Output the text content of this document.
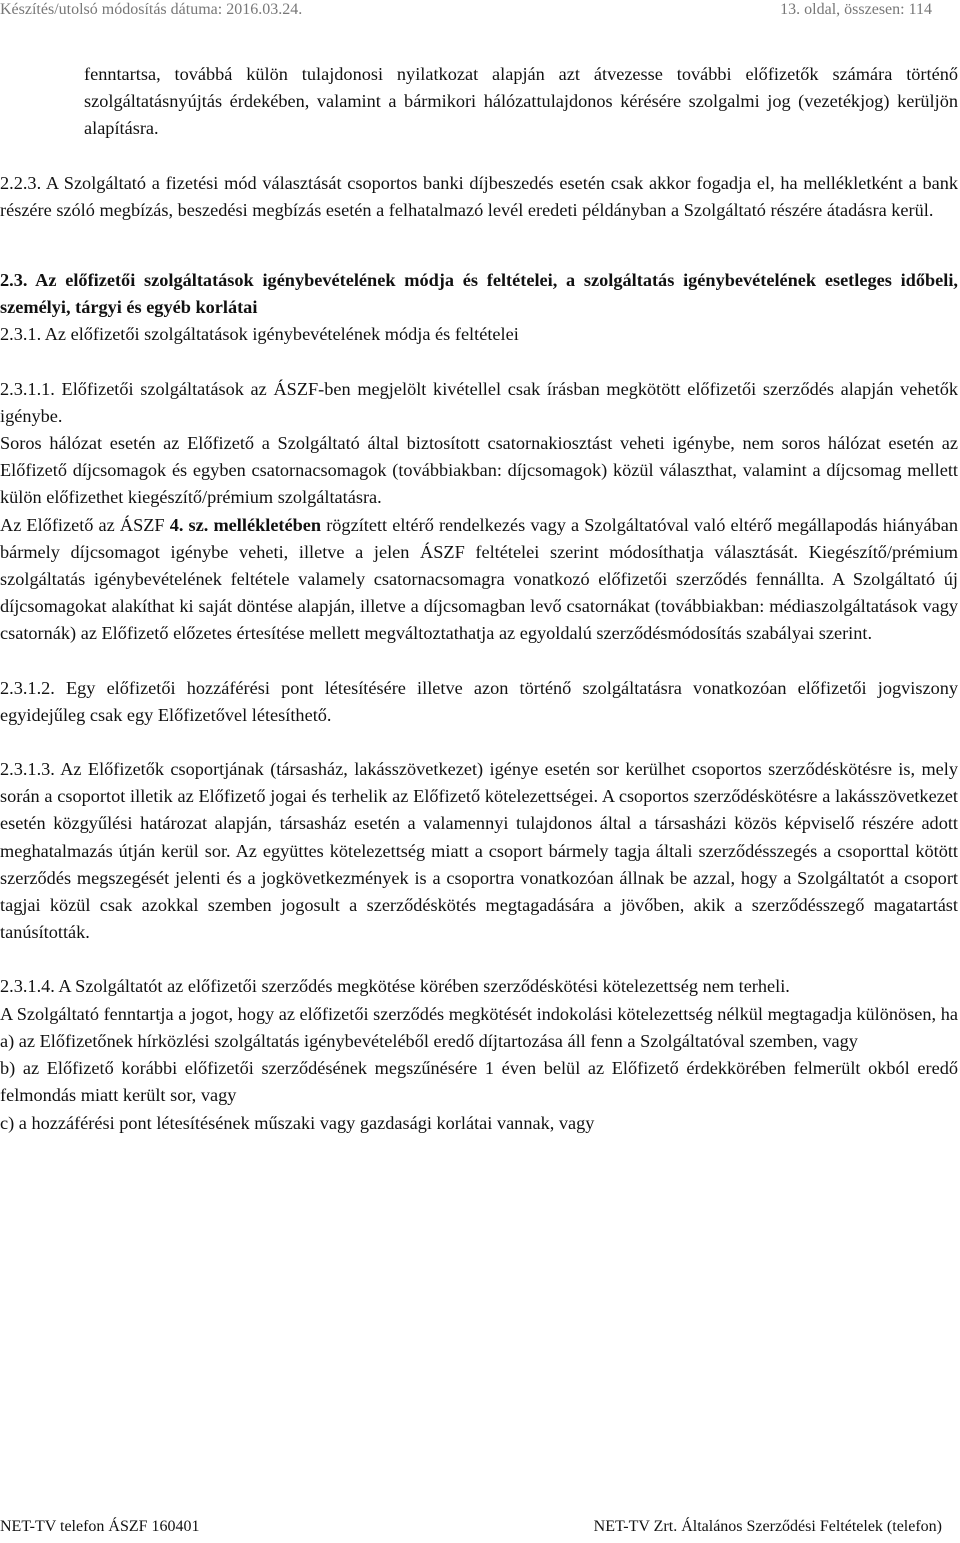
Készítés/utolsó módosítás dátuma: 2016.03.24.	13. oldal, összesen: 114

fenntartsa, továbbá külön tulajdonosi nyilatkozat alapján azt átvezesse további előfizetők számára történő szolgáltatásnyújtás érdekében, valamint a bármikori hálózattulajdonos kérésére szolgalmi jog (vezetékjog) kerüljön alapításra.

2.2.3. A Szolgáltató a fizetési mód választását csoportos banki díjbeszedés esetén csak akkor fogadja el, ha mellékletként a bank részére szóló megbízás, beszedési megbízás esetén a felhatalmazó levél eredeti példányban a Szolgáltató részére átadásra kerül.

2.3. Az előfizetői szolgáltatások igénybevételének módja és feltételei, a szolgáltatás igénybevételének esetleges időbeli, személyi, tárgyi és egyéb korlátai

2.3.1. Az előfizetői szolgáltatások igénybevételének módja és feltételei

2.3.1.1. Előfizetői szolgáltatások az ÁSZF-ben megjelölt kivétellel csak írásban megkötött előfizetői szerződés alapján vehetők igénybe.

Soros hálózat esetén az Előfizető a Szolgáltató által biztosított csatornakiosztást veheti igénybe, nem soros hálózat esetén az Előfizető díjcsomagok és egyben csatornacsomagok (továbbiakban: díjcsomagok) közül választhat, valamint a díjcsomag mellett külön előfizethet kiegészítő/prémium szolgáltatásra.

Az Előfizető az ÁSZF 4. sz. mellékletében rögzített eltérő rendelkezés vagy a Szolgáltatóval való eltérő megállapodás hiányában bármely díjcsomagot igénybe veheti, illetve a jelen ÁSZF feltételei szerint módosíthatja választását. Kiegészítő/prémium szolgáltatás igénybevételének feltétele valamely csatornacsomagra vonatkozó előfizetői szerződés fennállta. A Szolgáltató új díjcsomagokat alakíthat ki saját döntése alapján, illetve a díjcsomagban levő csatornákat (továbbiakban: médiaszolgáltatások vagy csatornák) az Előfizető előzetes értesítése mellett megváltoztathatja az egyoldalú szerződésmódosítás szabályai szerint.

2.3.1.2. Egy előfizetői hozzáférési pont létesítésére illetve azon történő szolgáltatásra vonatkozóan előfizetői jogviszony egyidejűleg csak egy Előfizetővel létesíthető.

2.3.1.3. Az Előfizetők csoportjának (társasház, lakásszövetkezet) igénye esetén sor kerülhet csoportos szerződéskötésre is, mely során a csoportot illetik az Előfizető jogai és terhelik az Előfizető kötelezettségei. A csoportos szerződéskötésre a lakásszövetkezet esetén közgyűlési határozat alapján, társasház esetén a valamennyi tulajdonos által a társasházi közös képviselő részére adott meghatalmazás útján kerül sor. Az együttes kötelezettség miatt a csoport bármely tagja általi szerződésszegés a csoporttal kötött szerződés megszegését jelenti és a jogkövetkezmények is a csoportra vonatkozóan állnak be azzal, hogy a Szolgáltatót a csoport tagjai közül csak azokkal szemben jogosult a szerződéskötés megtagadására a jövőben, akik a szerződésszegő magatartást tanúsították.

2.3.1.4. A Szolgáltatót az előfizetői szerződés megkötése körében szerződéskötési kötelezettség nem terheli.

A Szolgáltató fenntartja a jogot, hogy az előfizetői szerződés megkötését indokolási kötelezettség nélkül megtagadja különösen, ha

a) az Előfizetőnek hírközlési szolgáltatás igénybevételéből eredő díjtartozása áll fenn a Szolgáltatóval szemben, vagy

b) az Előfizető korábbi előfizetői szerződésének megszűnésére 1 éven belül az Előfizető érdekkörében felmerült okból eredő felmondás miatt került sor, vagy

c) a hozzáférési pont létesítésének műszaki vagy gazdasági korlátai vannak, vagy

NET-TV telefon ÁSZF 160401	NET-TV Zrt. Általános Szerződési Feltételek (telefon)
